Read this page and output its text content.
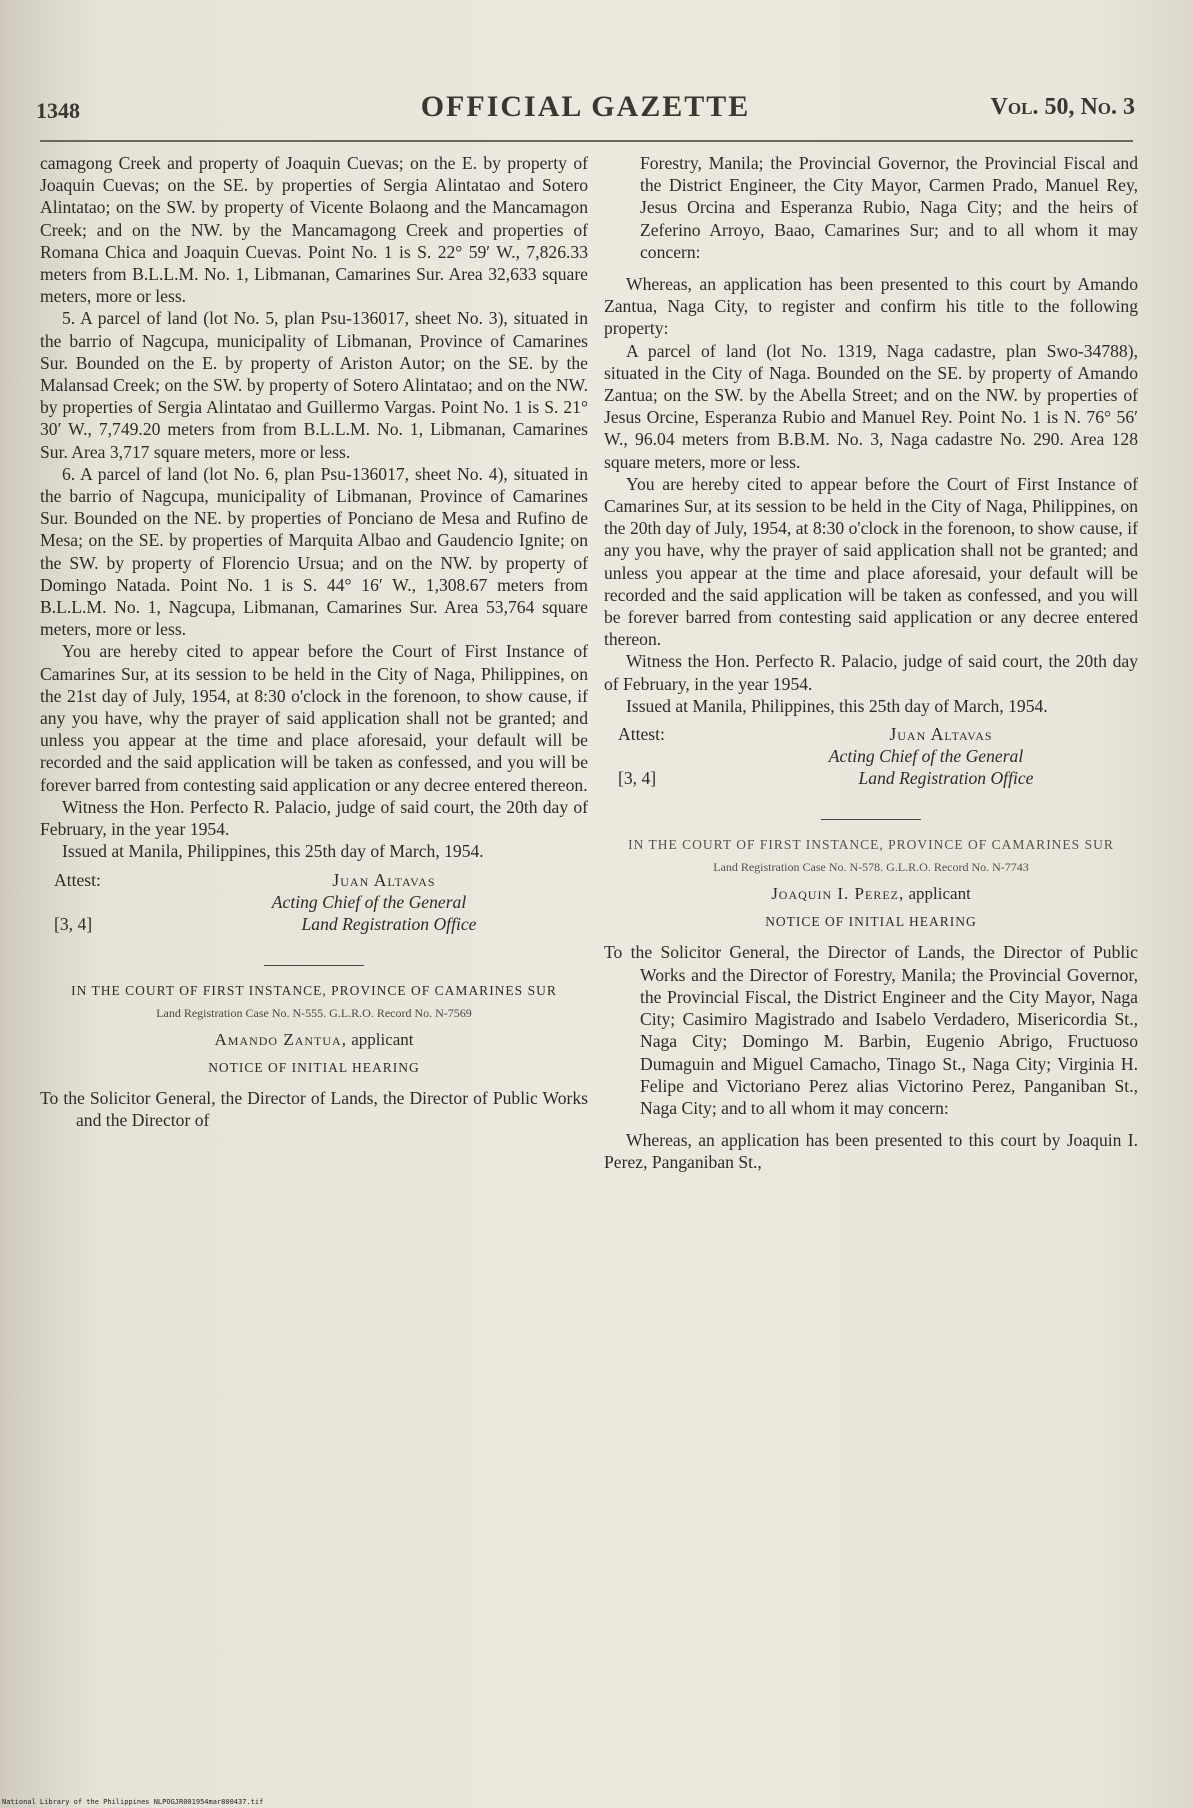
1348	OFFICIAL GAZETTE	Vol. 50, No. 3

camagong Creek and property of Joaquin Cuevas; on the E. by property of Joaquin Cuevas; on the SE. by properties of Sergia Alintatao and Sotero Alintatao; on the SW. by property of Vicente Bolaong and the Mancamagon Creek; and on the NW. by the Mancamagong Creek and properties of Romana Chica and Joaquin Cuevas. Point No. 1 is S. 22° 59′ W., 7,826.33 meters from B.L.L.M. No. 1, Libmanan, Camarines Sur. Area 32,633 square meters, more or less.

5. A parcel of land (lot No. 5, plan Psu-136017, sheet No. 3), situated in the barrio of Nagcupa, municipality of Libmanan, Province of Camarines Sur. Bounded on the E. by property of Ariston Autor; on the SE. by the Malansad Creek; on the SW. by property of Sotero Alintatao; and on the NW. by properties of Sergia Alintatao and Guillermo Vargas. Point No. 1 is S. 21° 30′ W., 7,749.20 meters from from B.L.L.M. No. 1, Libmanan, Camarines Sur. Area 3,717 square meters, more or less.

6. A parcel of land (lot No. 6, plan Psu-136017, sheet No. 4), situated in the barrio of Nagcupa, municipality of Libmanan, Province of Camarines Sur. Bounded on the NE. by properties of Ponciano de Mesa and Rufino de Mesa; on the SE. by properties of Marquita Albao and Gaudencio Ignite; on the SW. by property of Florencio Ursua; and on the NW. by property of Domingo Natada. Point No. 1 is S. 44° 16′ W., 1,308.67 meters from B.L.L.M. No. 1, Nagcupa, Libmanan, Camarines Sur. Area 53,764 square meters, more or less.

You are hereby cited to appear before the Court of First Instance of Camarines Sur, at its session to be held in the City of Naga, Philippines, on the 21st day of July, 1954, at 8:30 o'clock in the forenoon, to show cause, if any you have, why the prayer of said application shall not be granted; and unless you appear at the time and place aforesaid, your default will be recorded and the said application will be taken as confessed, and you will be forever barred from contesting said application or any decree entered thereon.

Witness the Hon. Perfecto R. Palacio, judge of said court, the 20th day of February, in the year 1954.

Issued at Manila, Philippines, this 25th day of March, 1954.

Attest:	Juan Altavas
Acting Chief of the General
Land Registration Office
[3, 4]
IN THE COURT OF FIRST INSTANCE, PROVINCE OF CAMARINES SUR
Land Registration Case No. N-555. G.L.R.O. Record No. N-7569
Amando Zantua, applicant
NOTICE OF INITIAL HEARING

To the Solicitor General, the Director of Lands, the Director of Public Works and the Director of

Forestry, Manila; the Provincial Governor, the Provincial Fiscal and the District Engineer, the City Mayor, Carmen Prado, Manuel Rey, Jesus Orcina and Esperanza Rubio, Naga City; and the heirs of Zeferino Arroyo, Baao, Camarines Sur; and to all whom it may concern:

Whereas, an application has been presented to this court by Amando Zantua, Naga City, to register and confirm his title to the following property:

A parcel of land (lot No. 1319, Naga cadastre, plan Swo-34788), situated in the City of Naga. Bounded on the SE. by property of Amando Zantua; on the SW. by the Abella Street; and on the NW. by properties of Jesus Orcine, Esperanza Rubio and Manuel Rey. Point No. 1 is N. 76° 56′ W., 96.04 meters from B.B.M. No. 3, Naga cadastre No. 290. Area 128 square meters, more or less.

You are hereby cited to appear before the Court of First Instance of Camarines Sur, at its session to be held in the City of Naga, Philippines, on the 20th day of July, 1954, at 8:30 o'clock in the forenoon, to show cause, if any you have, why the prayer of said application shall not be granted; and unless you appear at the time and place aforesaid, your default will be recorded and the said application will be taken as confessed, and you will be forever barred from contesting said application or any decree entered thereon.

Witness the Hon. Perfecto R. Palacio, judge of said court, the 20th day of February, in the year 1954.

Issued at Manila, Philippines, this 25th day of March, 1954.

Attest:	Juan Altavas
Acting Chief of the General
Land Registration Office
[3, 4]
IN THE COURT OF FIRST INSTANCE, PROVINCE OF CAMARINES SUR
Land Registration Case No. N-578. G.L.R.O. Record No. N-7743
Joaquin I. Perez, applicant
NOTICE OF INITIAL HEARING

To the Solicitor General, the Director of Lands, the Director of Public Works and the Director of Forestry, Manila; the Provincial Governor, the Provincial Fiscal, the District Engineer and the City Mayor, Naga City; Casimiro Magistrado and Isabelo Verdadero, Misericordia St., Naga City; Domingo M. Barbin, Eugenio Abrigo, Fructuoso Dumaguin and Miguel Camacho, Tinago St., Naga City; Virginia H. Felipe and Victoriano Perez alias Victorino Perez, Panganiban St., Naga City; and to all whom it may concern:

Whereas, an application has been presented to this court by Joaquin I. Perez, Panganiban St.,

National Library of the Philippines NLPOGJR001954mar800437.tif
